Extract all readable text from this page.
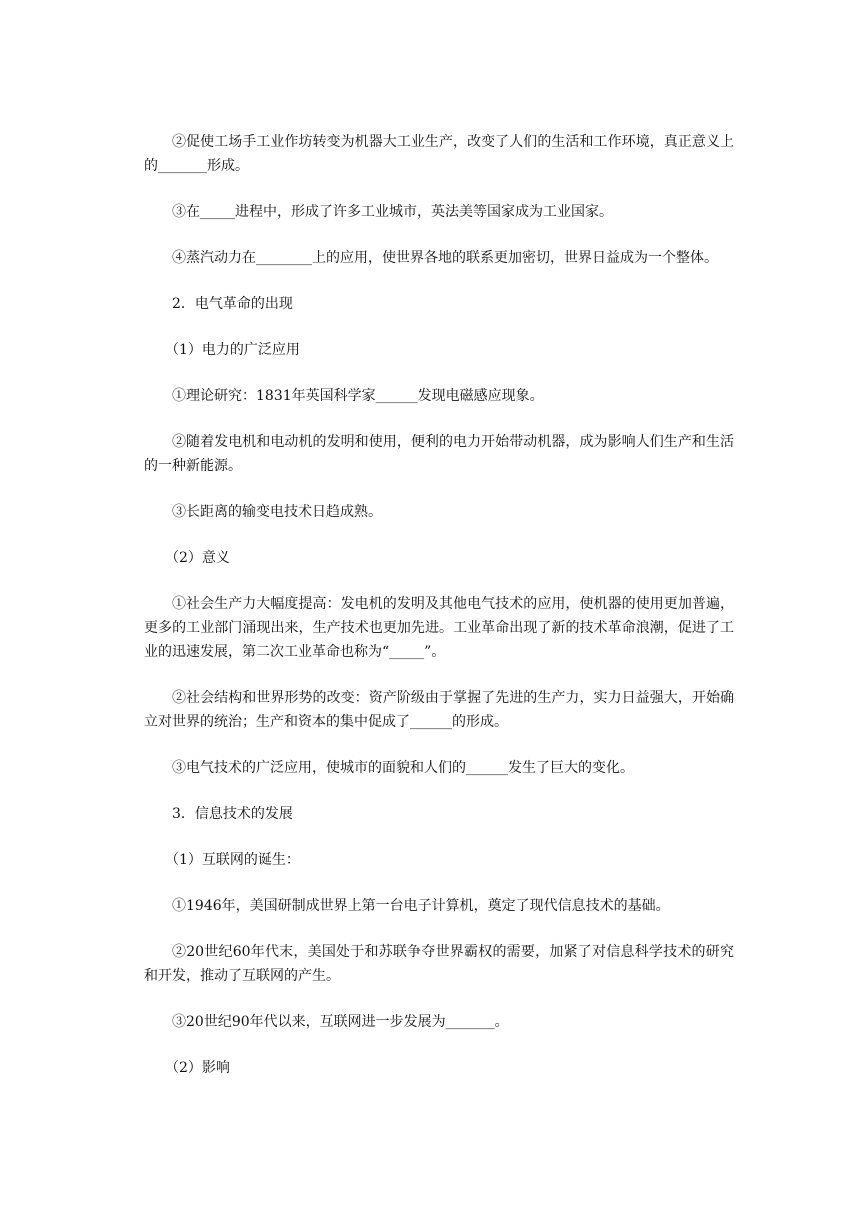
②促使工场手工业作坊转变为机器大工业生产，改变了人们的生活和工作环境，真正意义上的_______形成。

③在_____进程中，形成了许多工业城市，英法美等国家成为工业国家。

④蒸汽动力在________上的应用，使世界各地的联系更加密切，世界日益成为一个整体。

2．电气革命的出现

（1）电力的广泛应用

①理论研究：1831年英国科学家______发现电磁感应现象。

②随着发电机和电动机的发明和使用，便利的电力开始带动机器，成为影响人们生产和生活的一种新能源。

③长距离的输变电技术日趋成熟。

（2）意义

①社会生产力大幅度提高：发电机的发明及其他电气技术的应用，使机器的使用更加普遍，更多的工业部门涌现出来，生产技术也更加先进。工业革命出现了新的技术革命浪潮，促进了工业的迅速发展，第二次工业革命也称为“_____”。

②社会结构和世界形势的改变：资产阶级由于掌握了先进的生产力，实力日益强大，开始确立对世界的统治；生产和资本的集中促成了______的形成。

③电气技术的广泛应用，使城市的面貌和人们的______发生了巨大的变化。

3．信息技术的发展

（1）互联网的诞生：

①1946年，美国研制成世界上第一台电子计算机，奠定了现代信息技术的基础。

②20世纪60年代末，美国处于和苏联争夺世界霸权的需要，加紧了对信息科学技术的研究和开发，推动了互联网的产生。

③20世纪90年代以来，互联网进一步发展为_______。

（2）影响
